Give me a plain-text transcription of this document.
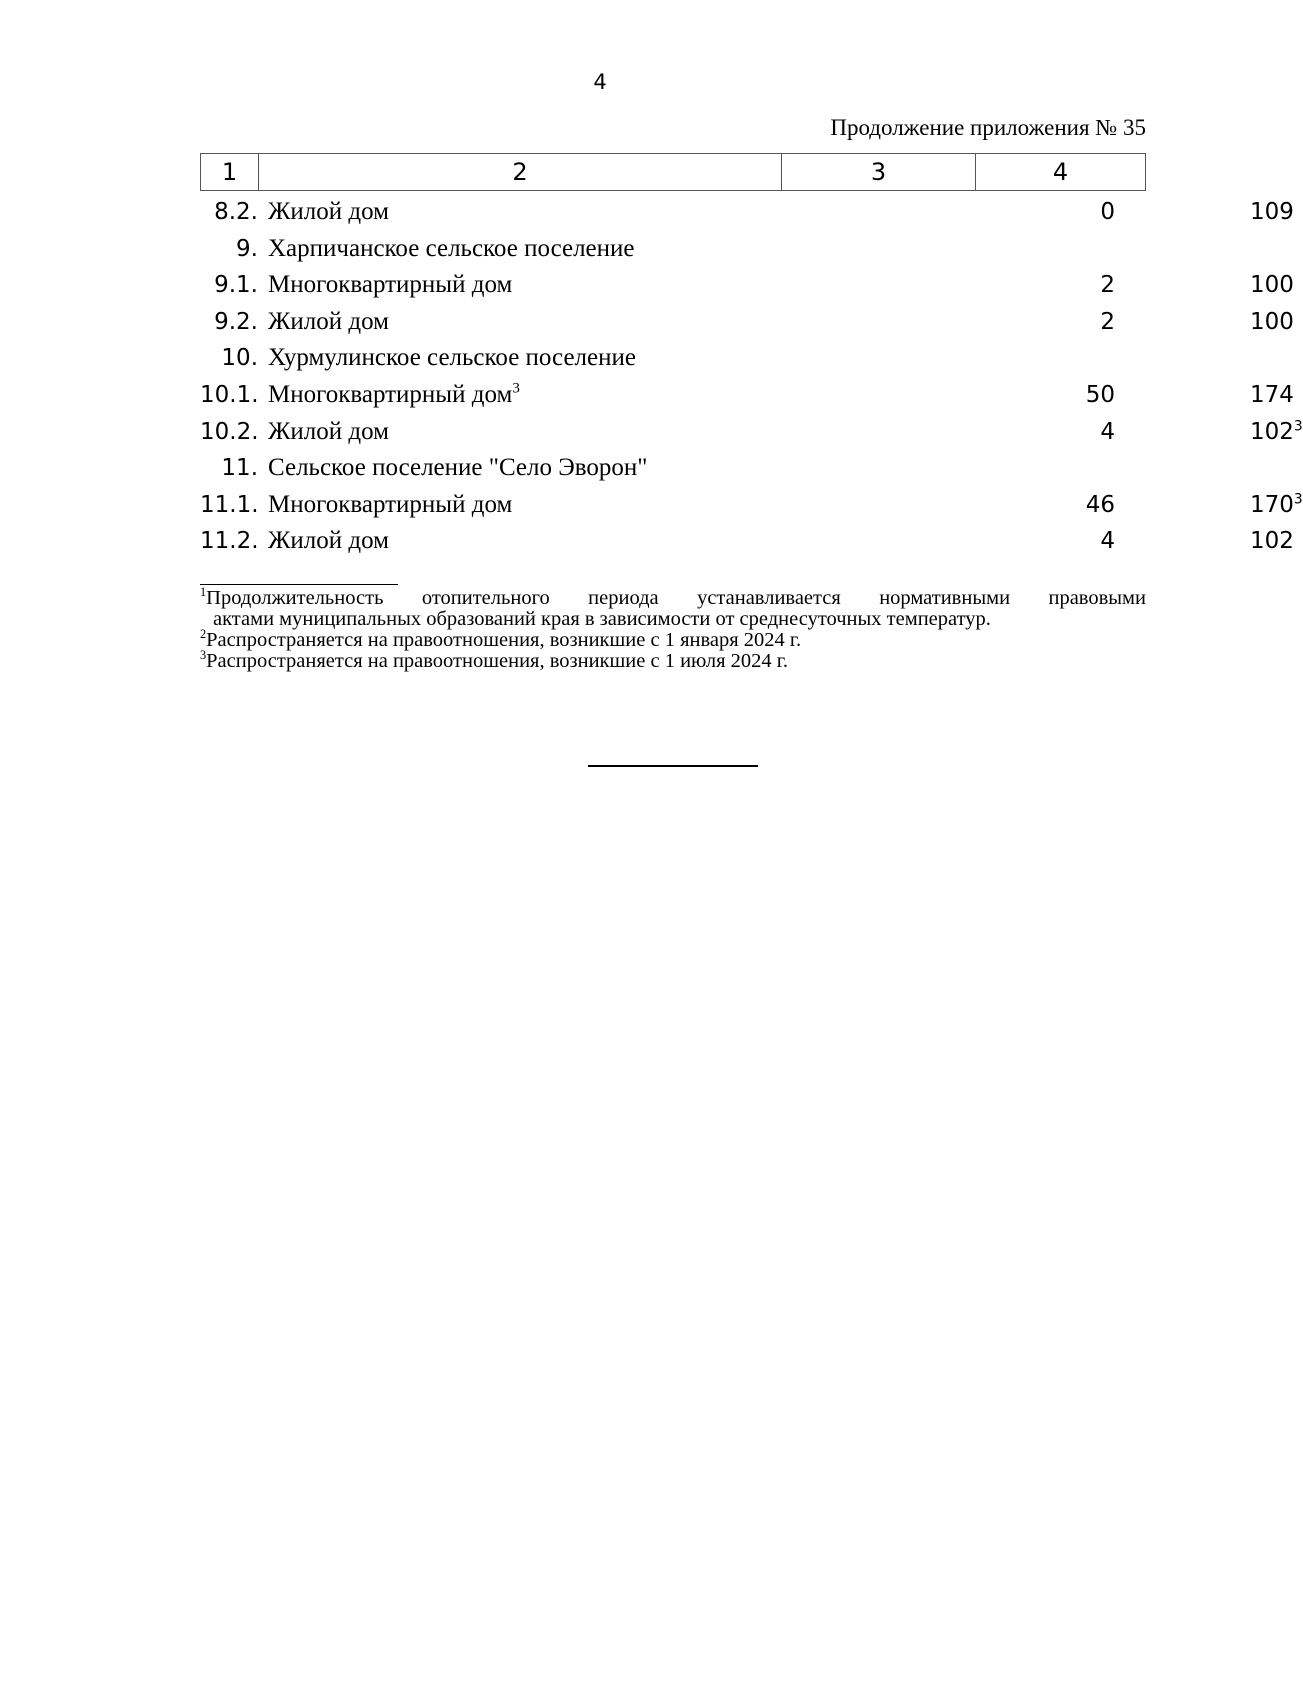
4
Продолжение приложения № 35
1	2	3	4
8.2. Жилой дом	0	109
9. Харпичанское сельское поселение
9.1. Многоквартирный дом	2	100
9.2. Жилой дом	2	100
10. Хурмулинское сельское поселение
10.1. Многоквартирный дом$^3$	50	174
10.2. Жилой дом	4	$102^3$
11. Сельское поселение "Село Эворон"
11.1. Многоквартирный дом	46	$170^3$
11.2. Жилой дом	4	102

$^1$Продолжительность отопительного периода устанавливается нормативными правовыми
актами муниципальных образований края в зависимости от среднесуточных температур.

$^2$Распространяется на правоотношения, возникшие с 1 января 2024 г.

$^3$Распространяется на правоотношения, возникшие с 1 июля 2024 г.
